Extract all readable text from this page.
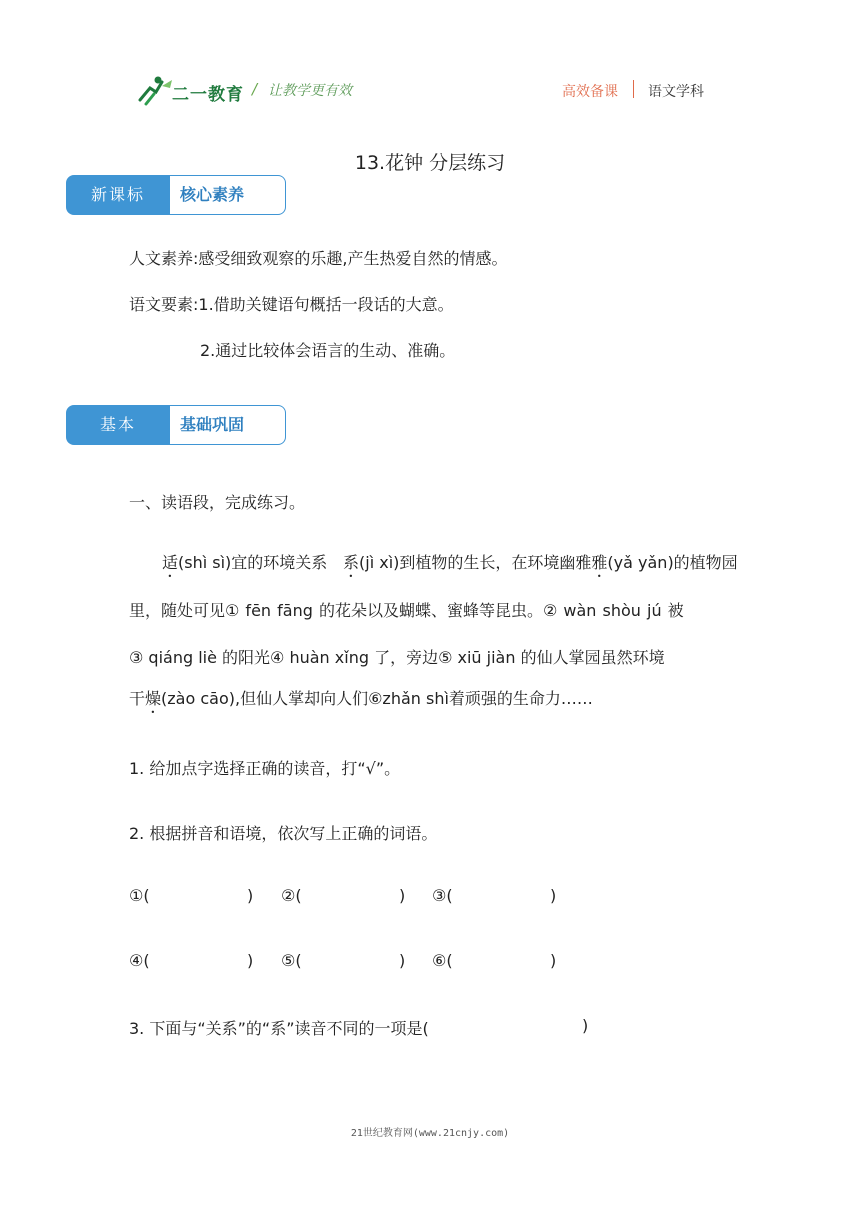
二一教育 / 让教学更有效	高效备课 语文学科
13.花钟 分层练习
新课标	核心素养
人文素养:感受细致观察的乐趣,产生热爱自然的情感。
语文要素:1.借助关键语句概括一段话的大意。
2.通过比较体会语言的生动、准确。
基本	基础巩固
一、读语段，完成练习。
适(shì sì)宜的环境关系 系(jì xì)到植物的生长，在环境幽雅雅(yǎ yǎn)的植物园
里，随处可见① fēn fāng 的花朵以及蝴蝶、蜜蜂等昆虫。② wàn shòu jú 被
③ qiáng liè 的阳光④ huàn xǐng 了，旁边⑤ xiū jiàn 的仙人掌园虽然环境
干燥(zào cāo),但仙人掌却向人们⑥zhǎn shì着顽强的生命力……
1. 给加点字选择正确的读音，打“√”。
2. 根据拼音和语境，依次写上正确的词语。
①(	) ②(	) ③(	)
④(	) ⑤(	) ⑥(	)
3. 下面与“关系”的“系”读音不同的一项是(	)
21世纪教育网(www.21cnjy.com)
